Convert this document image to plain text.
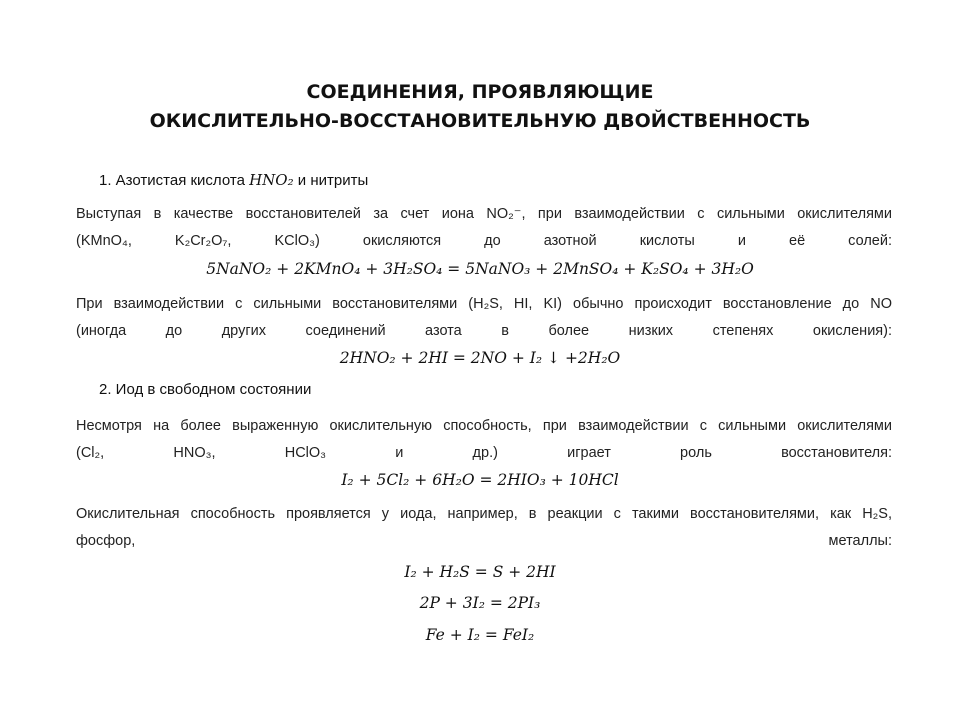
СОЕДИНЕНИЯ, ПРОЯВЛЯЮЩИЕ
ОКИСЛИТЕЛЬНО-ВОССТАНОВИТЕЛЬНУЮ ДВОЙСТВЕННОСТЬ
1. Азотистая кислота HNO₂ и нитриты
Выступая в качестве восстановителей за счет иона NO₂⁻, при взаимодействии с сильными окислителями
(KMnO₄, K₂Cr₂O₇, KClO₃) окисляются до азотной кислоты и её солей:
5NaNO₂ + 2KMnO₄ + 3H₂SO₄ = 5NaNO₃ + 2MnSO₄ + K₂SO₄ + 3H₂O
При взаимодействии с сильными восстановителями (H₂S, HI, KI) обычно происходит восстановление до NO
(иногда до других соединений азота в более низких степенях окисления):
2HNO₂ + 2HI = 2NO + I₂ ↓ +2H₂O
2. Иод в свободном состоянии
Несмотря на более выраженную окислительную способность, при взаимодействии с сильными окислителями
(Cl₂, HNO₃, HClO₃ и др.) играет роль восстановителя:
I₂ + 5Cl₂ + 6H₂O = 2HIO₃ + 10HCl
Окислительная способность проявляется у иода, например, в реакции с такими восстановителями, как H₂S,
фосфор, металлы:
I₂ + H₂S = S + 2HI
2P + 3I₂ = 2PI₃
Fe + I₂ = FeI₂
